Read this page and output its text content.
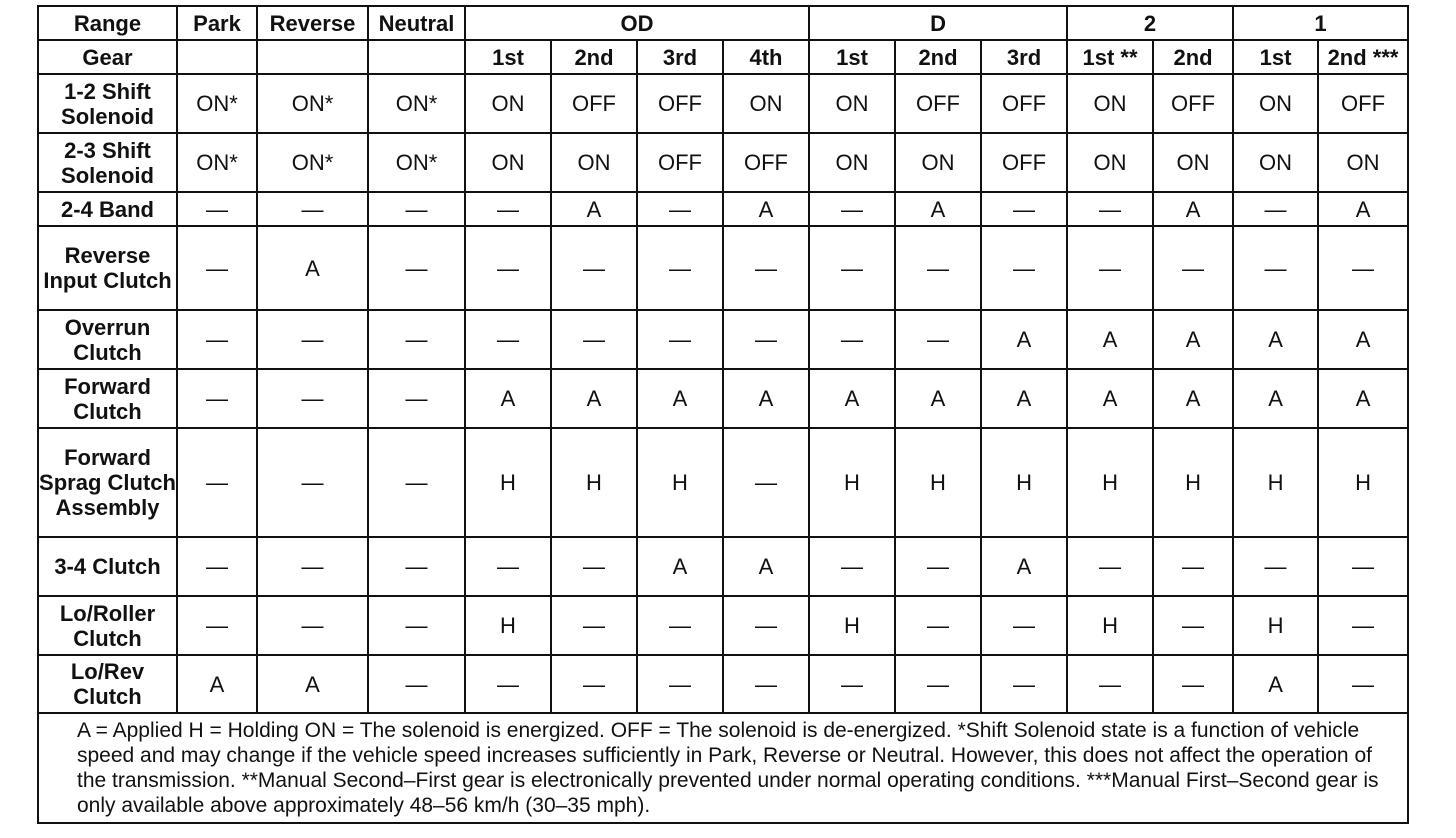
Range	Park	Reverse	Neutral	OD				D			2		1	
Gear				1st	2nd	3rd	4th	1st	2nd	3rd	1st **	2nd	1st	2nd ***
1-2 Shift Solenoid	ON*	ON*	ON*	ON	OFF	OFF	ON	ON	OFF	OFF	ON	OFF	ON	OFF
2-3 Shift Solenoid	ON*	ON*	ON*	ON	ON	OFF	OFF	ON	ON	OFF	ON	ON	ON	ON
2-4 Band	—	—	—	—	A	—	A	—	A	—	—	A	—	A
Reverse Input Clutch	—	A	—	—	—	—	—	—	—	—	—	—	—	—
Overrun Clutch	—	—	—	—	—	—	—	—	—	A	A	A	A	A
Forward Clutch	—	—	—	A	A	A	A	A	A	A	A	A	A	A
Forward Sprag Clutch Assembly	—	—	—	H	H	H	—	H	H	H	H	H	H	H
3-4 Clutch	—	—	—	—	—	A	A	—	—	A	—	—	—	—
Lo/Roller Clutch	—	—	—	H	—	—	—	H	—	—	H	—	H	—
Lo/Rev Clutch	A	A	—	—	—	—	—	—	—	—	—	—	A	—
A = Applied H = Holding ON = The solenoid is energized. OFF = The solenoid is de-energized. *Shift Solenoid state is a function of vehicle speed and may change if the vehicle speed increases sufficiently in Park, Reverse or Neutral. However, this does not affect the operation of the transmission. **Manual Second–First gear is electronically prevented under normal operating conditions. ***Manual First–Second gear is only available above approximately 48–56 km/h (30–35 mph).														
